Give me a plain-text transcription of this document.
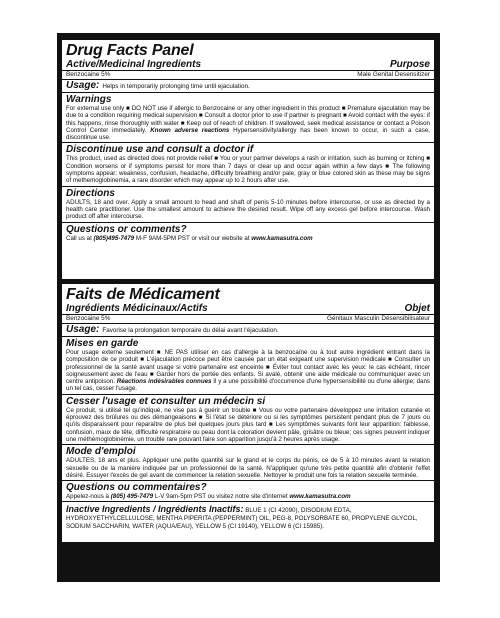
Drug Facts Panel
Active/Medicinal Ingredients	Purpose
Benzocaine 5%	Male Genital Desensitizer
Usage: Helps in temporarily prolonging time until ejaculation.
Warnings
For external use only ■ DO NOT use if allergic to Benzocaine or any other ingredient in this product ■ Premature ejaculation may be due to a condition requiring medical supervision ■ Consult a doctor prior to use if partner is pregnant ■ Avoid contact with the eyes: if this happens, rinse thoroughly with water ■ Keep out of reach of children. If swallowed, seek medical assistance or contact a Poison Control Center immediately. Known adverse reactions Hypersensitivity/allergy has been known to occur, in such a case, discontinue use.
Discontinue use and consult a doctor if
This product, used as directed does not provide relief ■ You or your partner develops a rash or irritation, such as burning or itching ■ Condition worsens or if symptoms persist for more than 7 days or clear up and occur again within a few days ■ The following symptoms appear: weakness, confusion, headache, difficulty breathing and/or pale, gray or blue colored skin as these may be signs of methemoglobinemia, a rare disorder which may appear up to 2 hours after use.
Directions
ADULTS, 18 and over. Apply a small amount to head and shaft of penis 5-10 minutes before intercourse, or use as directed by a health care practitioner. Use the smallest amount to achieve the desired result. Wipe off any excess gel before intercourse. Wash product off after intercourse.
Questions or comments?
Call us at (805)495-7479 M-F 9AM-5PM PST or visit our website at www.kamasutra.com
Faits de Médicament
Ingrédients Médicinaux/Actifs	Objet
Benzocaine 5%	Génitaux Masculin Désensibilisateur
Usage: Favorise la prolongation temporaire du délai avant l'éjaculation.
Mises en garde
Pour usage externe seulement ■ NE PAS utiliser en cas d'allergie à la benzocaïne ou à tout autre ingrédient entrant dans la composition de ce produit ■ L'éjaculation précoce peut être causée par un état exigeant une supervision médicale ■ Consulter un professionnel de la santé avant usage si votre partenaire est enceinte ■ Éviter tout contact avec les yeux: le cas échéant, rincer soigneusement avec de l'eau ■ Garder hors de portée des enfants. Si avalé, obtenir une aide médicale ou communiquer avec un centre antipoison. Réactions indésirables connues Il y a une possibilité d'occurrence d'une hypersensibilité ou d'une allergie; dans un tel cas, cesser l'usage.
Cesser l'usage et consulter un médecin si
Ce produit, si utilisé tel qu'indiqué, ne vise pas à guérir un trouble ■ Vous ou votre partenaire développez une irritation cutanée et éprouvez des brûlures ou des démangeaisons ■ Si l'état se détériore ou si les symptômes persistent pendant plus de 7 jours ou qu'ils disparaissent pour reparaître de plus bel quelques jours plus tard ■ Les symptômes suivants font leur apparition: faiblesse, confusion, maux de tête, difficulté respiratoire ou peau dont la coloration devient pâle, grisâtre ou bleue; ces signes peuvent indiquer une méthémoglobinémie, un trouble rare pouvant faire son apparition jusqu'à 2 heures après usage.
Mode d'emploi
ADULTES, 18 ans et plus. Appliquer une petite quantité sur le gland et le corps du pénis, ce de 5 à 10 minutes avant la relation sexuelle ou de la manière indiquée par un professionnel de la santé. N'appliquer qu'une très petite quantité afin d'obtenir l'effet désiré. Essuyer l'excès de gel avant de commencer la relation sexuelle. Nettoyer le produit une fois la relation sexuelle terminée.
Questions ou commentaires?
Appelez-nous à (805) 495-7479 L-V 9am-5pm PST ou visitez notre site d'internet www.kamasutra.com
Inactive Ingredients / Ingrédients Inactifs: BLUE 1 (CI 42090), DISODIUM EDTA, HYDROXYETHYLCELLULOSE, MENTHA PIPERITA (PEPPERMINT) OIL, PEG-8, POLYSORBATE 60, PROPYLENE GLYCOL, SODIUM SACCHARIN, WATER (AQUA/EAU), YELLOW 5 (CI 19140), YELLOW 6 (CI 15985).
